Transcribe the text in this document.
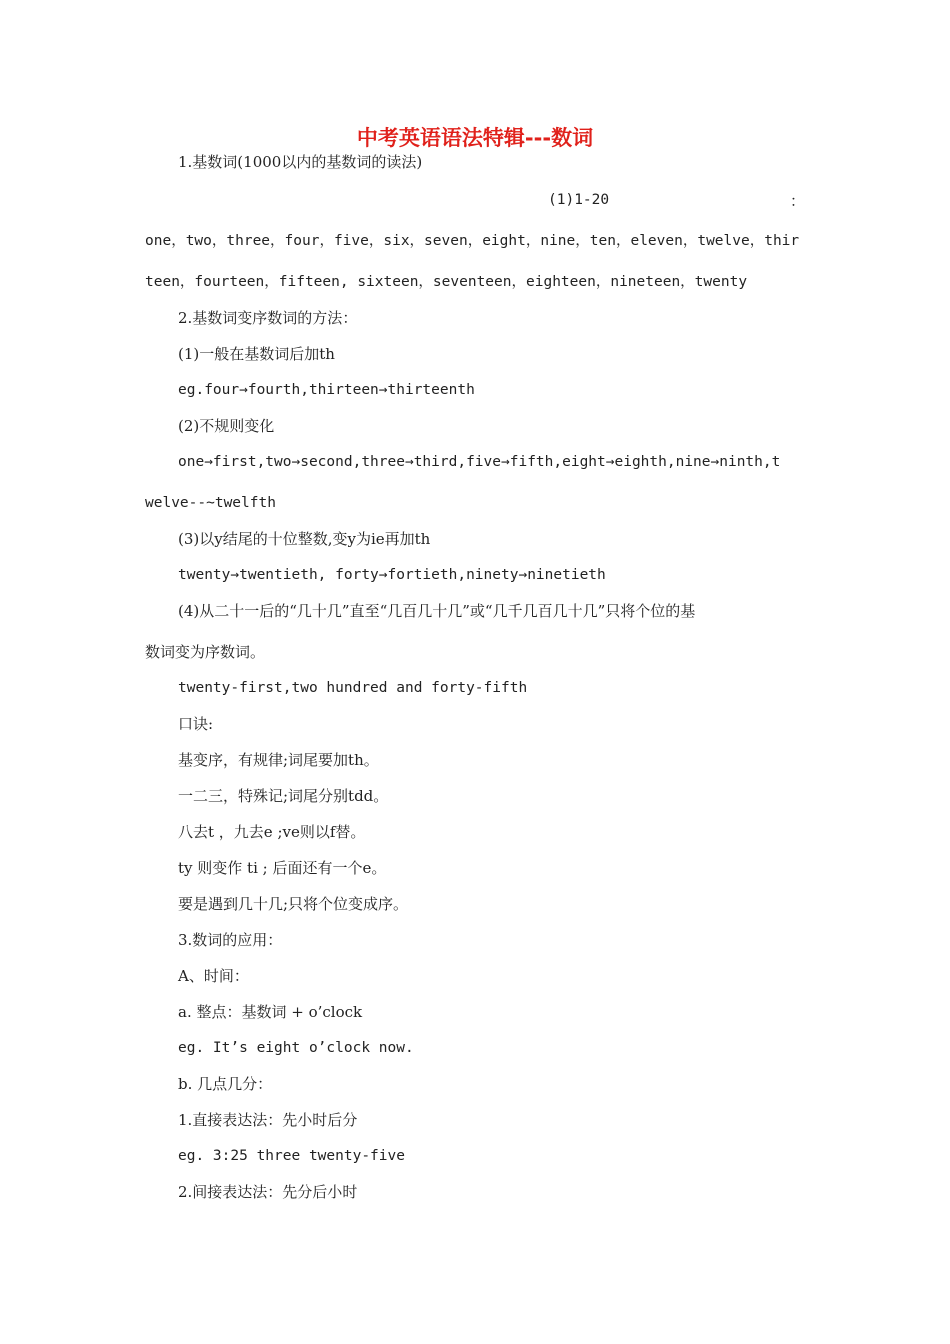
中考英语语法特辑---数词
1.基数词(1000以内的基数词的读法)
(1)1-20	：
one，two，three，four，five，six，seven，eight，nine，ten，eleven，twelve，thir
teen，fourteen，fifteen, sixteen，seventeen，eighteen，nineteen，twenty
2.基数词变序数词的方法：
(1)一般在基数词后加th
eg.four→fourth,thirteen→thirteenth
(2)不规则变化
one→first,two→second,three→third,five→fifth,eight→eighth,nine→ninth,t
welve--~twelfth
(3)以y结尾的十位整数,变y为ie再加th
twenty→twentieth, forty→fortieth,ninety→ninetieth
(4)从二十一后的“几十几”直至“几百几十几”或“几千几百几十几”只将个位的基
数词变为序数词。
twenty-first,two hundred and forty-fifth
口诀:
基变序，有规律;词尾要加th。
一二三，特殊记;词尾分别tdd。
八去t ，九去e ;ve则以f替。
ty 则变作 ti ; 后面还有一个e。
要是遇到几十几;只将个位变成序。
3.数词的应用：
A、时间：
a. 整点：基数词 + o’clock
eg. It’s eight o’clock now.
b. 几点几分：
1.直接表达法：先小时后分
eg. 3:25 three twenty-five
2.间接表达法：先分后小时
